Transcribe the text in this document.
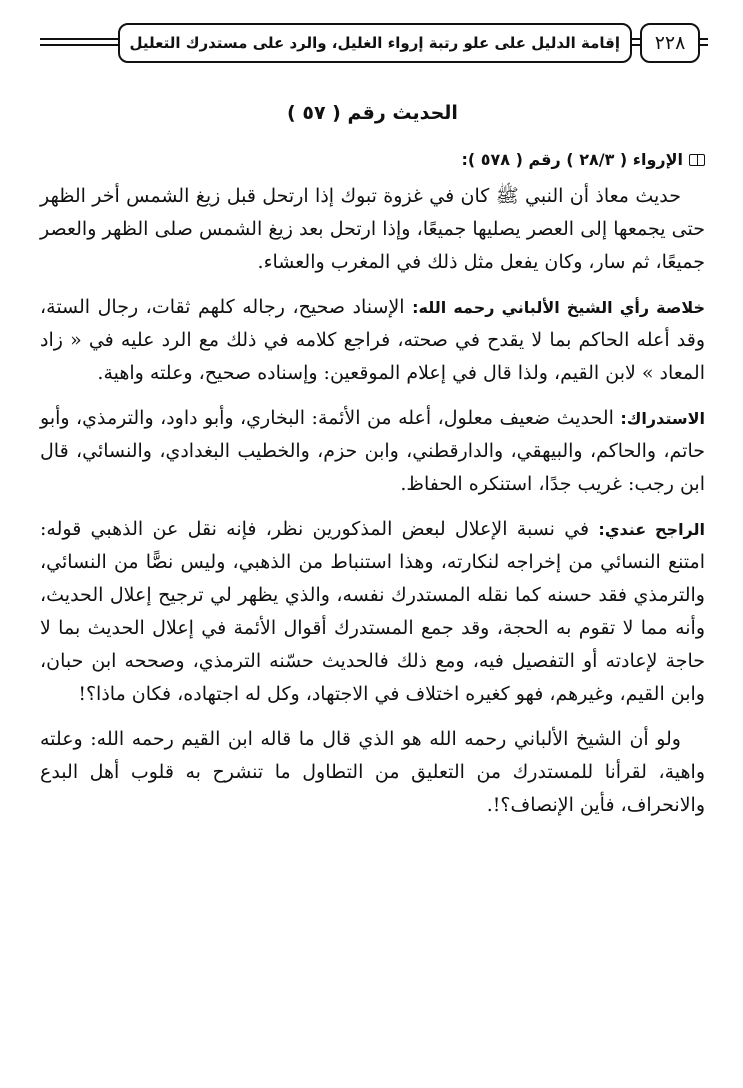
إقامة الدليل على علو رتبة إرواء الغليل، والرد على مستدرك التعليل	٢٢٨
الحديث رقم ( ٥٧ )
الإرواء ( ٢٨/٣ ) رقم ( ٥٧٨ ):

حديث معاذ أن النبي ﷺ كان في غزوة تبوك إذا ارتحل قبل زيغ الشمس أخر الظهر حتى يجمعها إلى العصر يصليها جميعًا، وإذا ارتحل بعد زيغ الشمس صلى الظهر والعصر جميعًا، ثم سار، وكان يفعل مثل ذلك في المغرب والعشاء.

خلاصة رأي الشيخ الألباني رحمه الله: الإسناد صحيح، رجاله كلهم ثقات، رجال الستة، وقد أعله الحاكم بما لا يقدح في صحته، فراجع كلامه في ذلك مع الرد عليه في « زاد المعاد » لابن القيم، ولذا قال في إعلام الموقعين: وإسناده صحيح، وعلته واهية.

الاستدراك: الحديث ضعيف معلول، أعله من الأئمة: البخاري، وأبو داود، والترمذي، وأبو حاتم، والحاكم، والبيهقي، والدارقطني، وابن حزم، والخطيب البغدادي، والنسائي، قال ابن رجب: غريب جدًا، استنكره الحفاظ.

الراجح عندي: في نسبة الإعلال لبعض المذكورين نظر، فإنه نقل عن الذهبي قوله: امتنع النسائي من إخراجه لنكارته، وهذا استنباط من الذهبي، وليس نصًّا من النسائي، والترمذي فقد حسنه كما نقله المستدرك نفسه، والذي يظهر لي ترجيح إعلال الحديث، وأنه مما لا تقوم به الحجة، وقد جمع المستدرك أقوال الأئمة في إعلال الحديث بما لا حاجة لإعادته أو التفصيل فيه، ومع ذلك فالحديث حسّنه الترمذي، وصححه ابن حبان، وابن القيم، وغيرهم، فهو كغيره اختلاف في الاجتهاد، وكل له اجتهاده، فكان ماذا؟!

ولو أن الشيخ الألباني رحمه الله هو الذي قال ما قاله ابن القيم رحمه الله: وعلته واهية، لقرأنا للمستدرك من التعليق من التطاول ما تنشرح به قلوب أهل البدع والانحراف، فأين الإنصاف؟!.
